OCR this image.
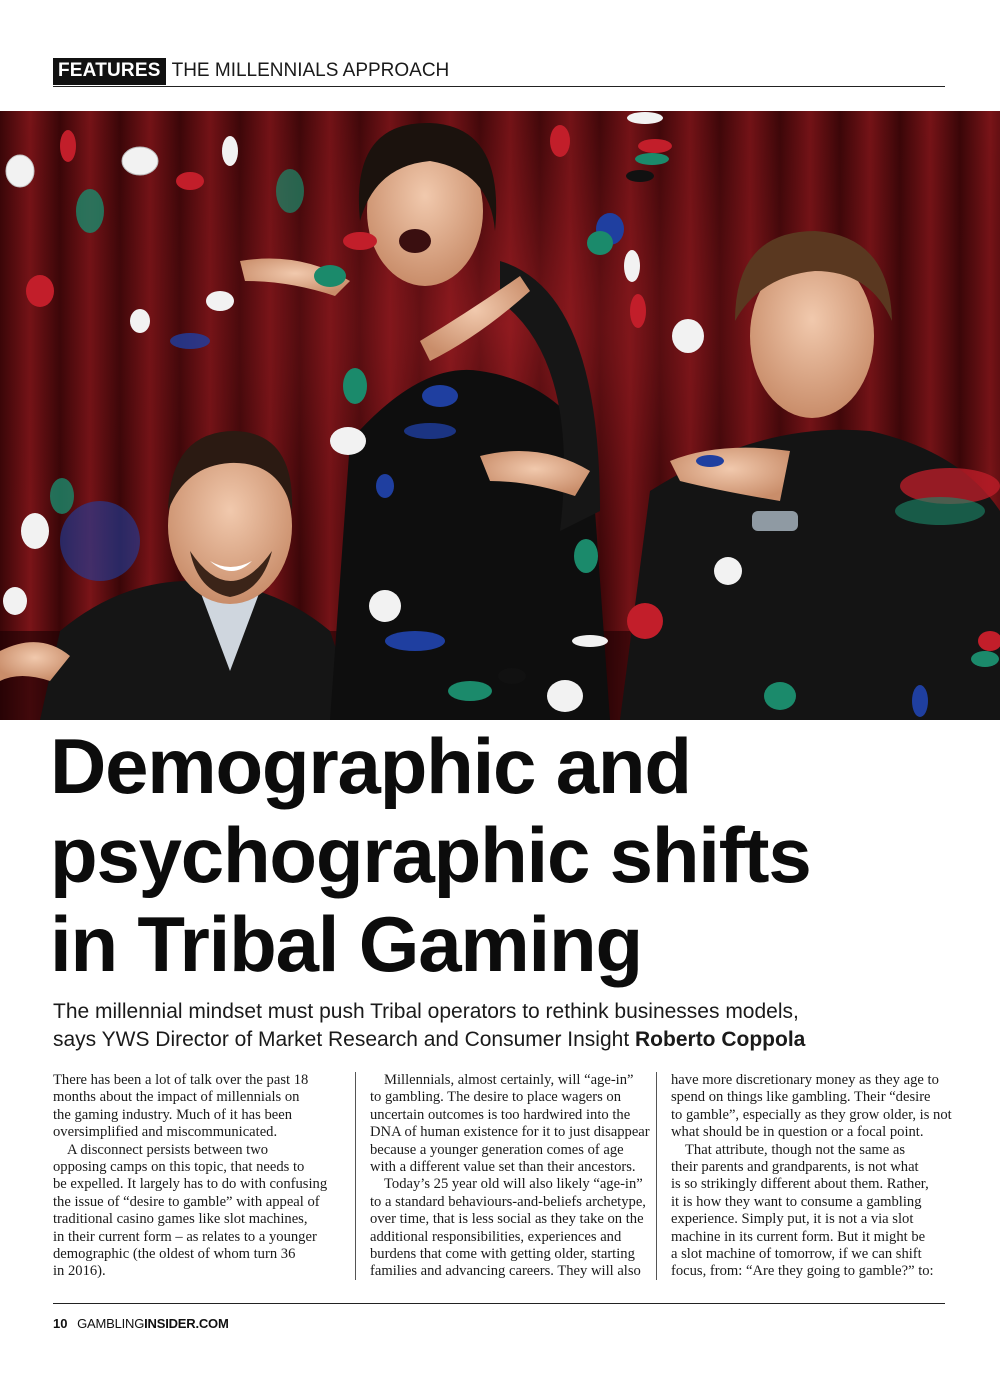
FEATURES THE MILLENNIALS APPROACH
Demographic and
psychographic shifts
in Tribal Gaming
The millennial mindset must push Tribal operators to rethink businesses models,
says YWS Director of Market Research and Consumer Insight Roberto Coppola
There has been a lot of talk over the past 18
months about the impact of millennials on
the gaming industry. Much of it has been
oversimplified and miscommunicated.
A disconnect persists between two
opposing camps on this topic, that needs to
be expelled. It largely has to do with confusing
the issue of “desire to gamble” with appeal of
traditional casino games like slot machines,
in their current form – as relates to a younger
demographic (the oldest of whom turn 36
in 2016).
Millennials, almost certainly, will “age-in”
to gambling. The desire to place wagers on
uncertain outcomes is too hardwired into the
DNA of human existence for it to just disappear
because a younger generation comes of age
with a different value set than their ancestors.
Today’s 25 year old will also likely “age-in”
to a standard behaviours-and-beliefs archetype,
over time, that is less social as they take on the
additional responsibilities, experiences and
burdens that come with getting older, starting
families and advancing careers. They will also
have more discretionary money as they age to
spend on things like gambling. Their “desire
to gamble”, especially as they grow older, is not
what should be in question or a focal point.
That attribute, though not the same as
their parents and grandparents, is not what
is so strikingly different about them. Rather,
it is how they want to consume a gambling
experience. Simply put, it is not a via slot
machine in its current form. But it might be
a slot machine of tomorrow, if we can shift
focus, from: “Are they going to gamble?” to:
10 GAMBLINGINSIDER.COM
